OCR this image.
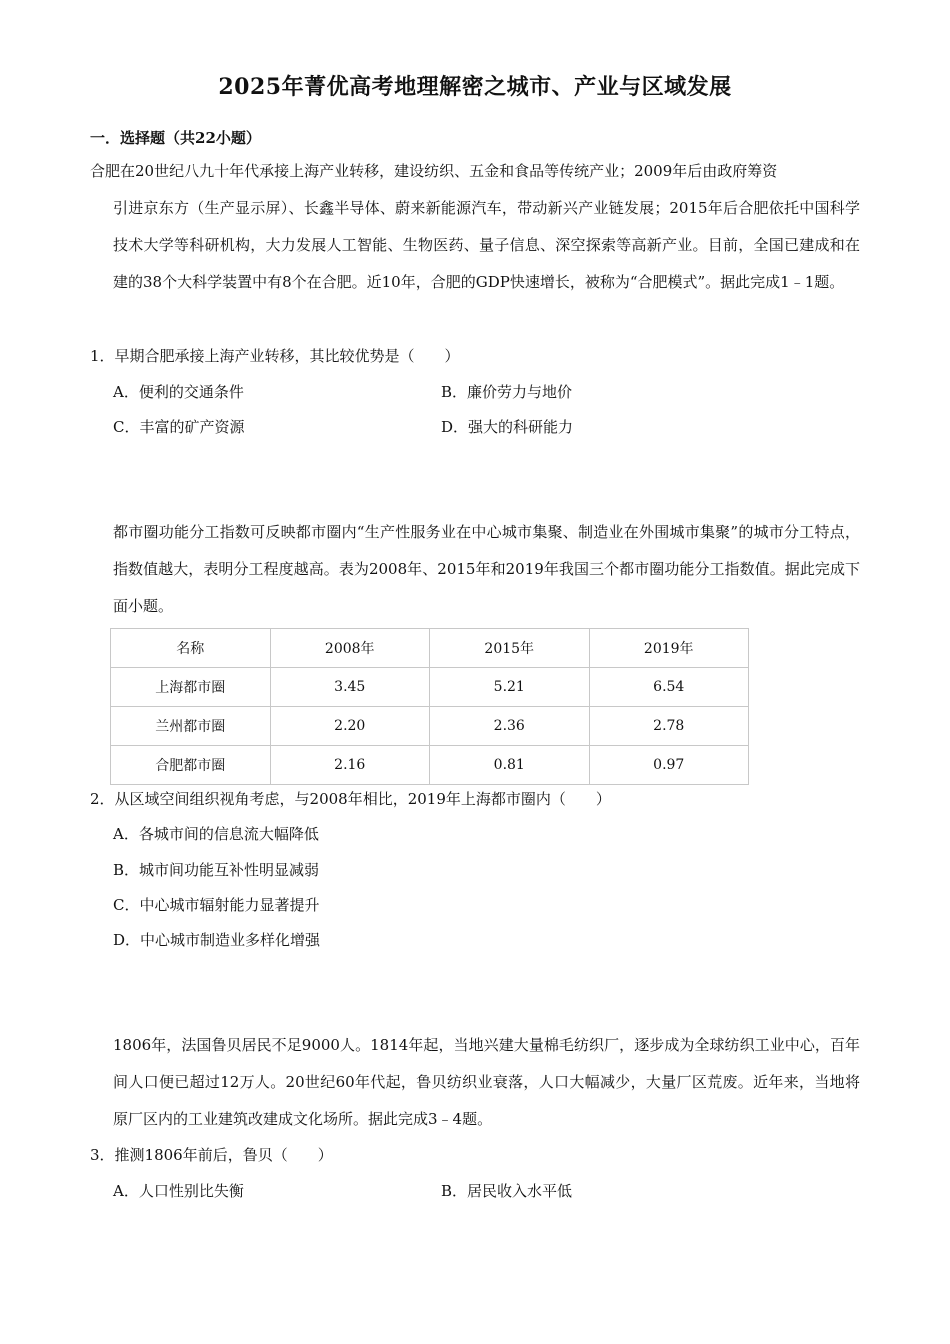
2025年菁优高考地理解密之城市、产业与区域发展
一．选择题（共22小题）
合肥在20世纪八九十年代承接上海产业转移，建设纺织、五金和食品等传统产业；2009年后由政府筹资
引进京东方（生产显示屏）、长鑫半导体、蔚来新能源汽车，带动新兴产业链发展；2015年后合肥依托中国科学技术大学等科研机构，大力发展人工智能、生物医药、量子信息、深空探索等高新产业。目前，全国已建成和在建的38个大科学装置中有8个在合肥。近10年，合肥的GDP快速增长，被称为“合肥模式”。据此完成1﹣1题。
1．早期合肥承接上海产业转移，其比较优势是（　　）
A．便利的交通条件	B．廉价劳力与地价
C．丰富的矿产资源	D．强大的科研能力
都市圈功能分工指数可反映都市圈内“生产性服务业在中心城市集聚、制造业在外围城市集聚”的城市分工特点，指数值越大，表明分工程度越高。表为2008年、2015年和2019年我国三个都市圈功能分工指数值。据此完成下面小题。
名称	2008年	2015年	2019年
上海都市圈	3.45	5.21	6.54
兰州都市圈	2.20	2.36	2.78
合肥都市圈	2.16	0.81	0.97
2．从区域空间组织视角考虑，与2008年相比，2019年上海都市圈内（　　）
A．各城市间的信息流大幅降低
B．城市间功能互补性明显减弱
C．中心城市辐射能力显著提升
D．中心城市制造业多样化增强
1806年，法国鲁贝居民不足9000人。1814年起，当地兴建大量棉毛纺织厂，逐步成为全球纺织工业中心，百年间人口便已超过12万人。20世纪60年代起，鲁贝纺织业衰落，人口大幅减少，大量厂区荒废。近年来，当地将原厂区内的工业建筑改建成文化场所。据此完成3﹣4题。
3．推测1806年前后，鲁贝（　　）
A．人口性别比失衡	B．居民收入水平低
